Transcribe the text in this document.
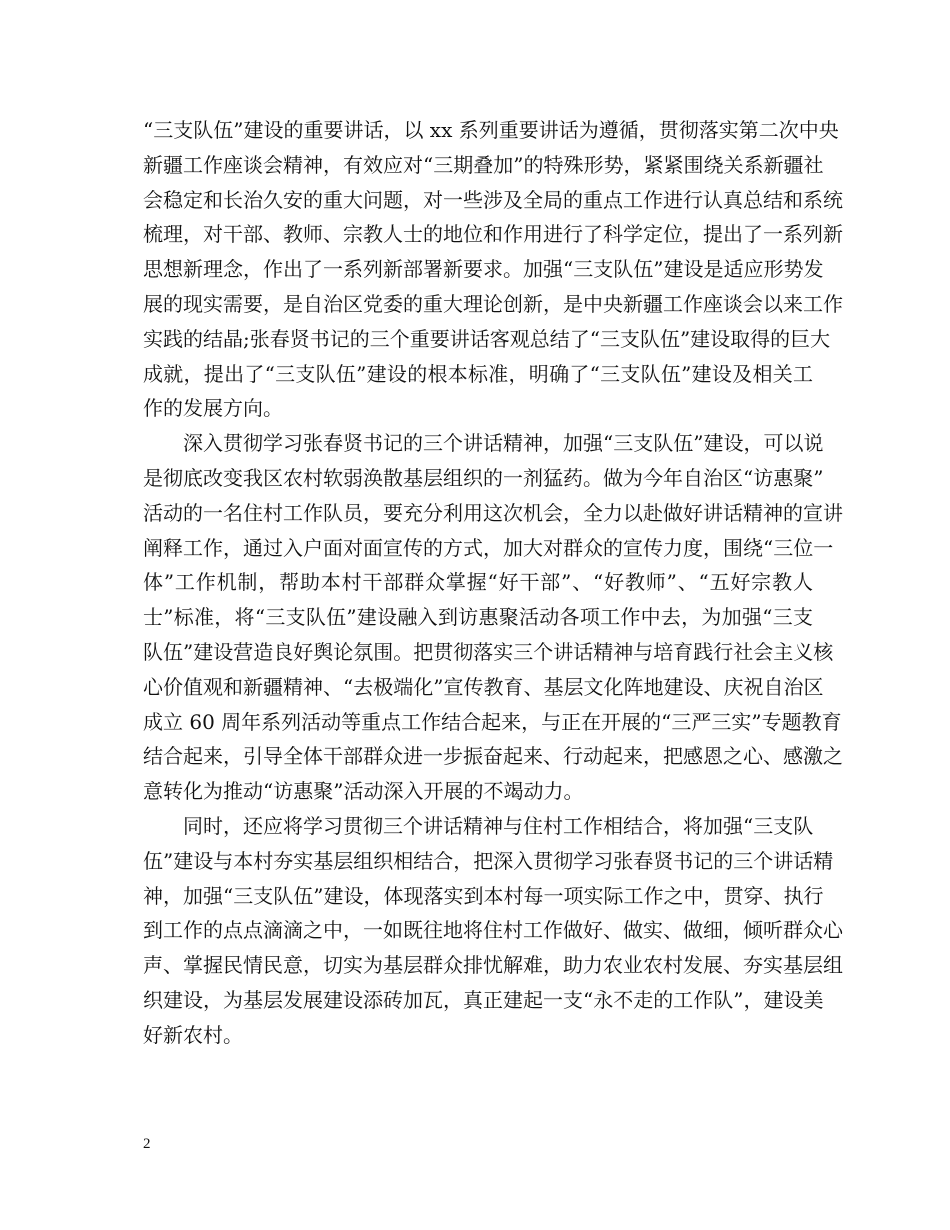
“三支队伍”建设的重要讲话，以 xx 系列重要讲话为遵循，贯彻落实第二次中央
新疆工作座谈会精神，有效应对“三期叠加”的特殊形势，紧紧围绕关系新疆社
会稳定和长治久安的重大问题，对一些涉及全局的重点工作进行认真总结和系统
梳理，对干部、教师、宗教人士的地位和作用进行了科学定位，提出了一系列新
思想新理念，作出了一系列新部署新要求。加强“三支队伍”建设是适应形势发
展的现实需要，是自治区党委的重大理论创新，是中央新疆工作座谈会以来工作
实践的结晶;张春贤书记的三个重要讲话客观总结了“三支队伍”建设取得的巨大
成就，提出了“三支队伍”建设的根本标准，明确了“三支队伍”建设及相关工
作的发展方向。
深入贯彻学习张春贤书记的三个讲话精神，加强“三支队伍”建设，可以说
是彻底改变我区农村软弱涣散基层组织的一剂猛药。做为今年自治区“访惠聚”
活动的一名住村工作队员，要充分利用这次机会，全力以赴做好讲话精神的宣讲
阐释工作，通过入户面对面宣传的方式，加大对群众的宣传力度，围绕“三位一
体”工作机制，帮助本村干部群众掌握“好干部”、“好教师”、“五好宗教人
士”标准，将“三支队伍”建设融入到访惠聚活动各项工作中去，为加强“三支
队伍”建设营造良好舆论氛围。把贯彻落实三个讲话精神与培育践行社会主义核
心价值观和新疆精神、“去极端化”宣传教育、基层文化阵地建设、庆祝自治区
成立 60 周年系列活动等重点工作结合起来，与正在开展的“三严三实”专题教育
结合起来，引导全体干部群众进一步振奋起来、行动起来，把感恩之心、感激之
意转化为推动“访惠聚”活动深入开展的不竭动力。
同时，还应将学习贯彻三个讲话精神与住村工作相结合，将加强“三支队
伍”建设与本村夯实基层组织相结合，把深入贯彻学习张春贤书记的三个讲话精
神，加强“三支队伍”建设，体现落实到本村每一项实际工作之中，贯穿、执行
到工作的点点滴滴之中，一如既往地将住村工作做好、做实、做细，倾听群众心
声、掌握民情民意，切实为基层群众排忧解难，助力农业农村发展、夯实基层组
织建设，为基层发展建设添砖加瓦，真正建起一支“永不走的工作队”，建设美
好新农村。
2
